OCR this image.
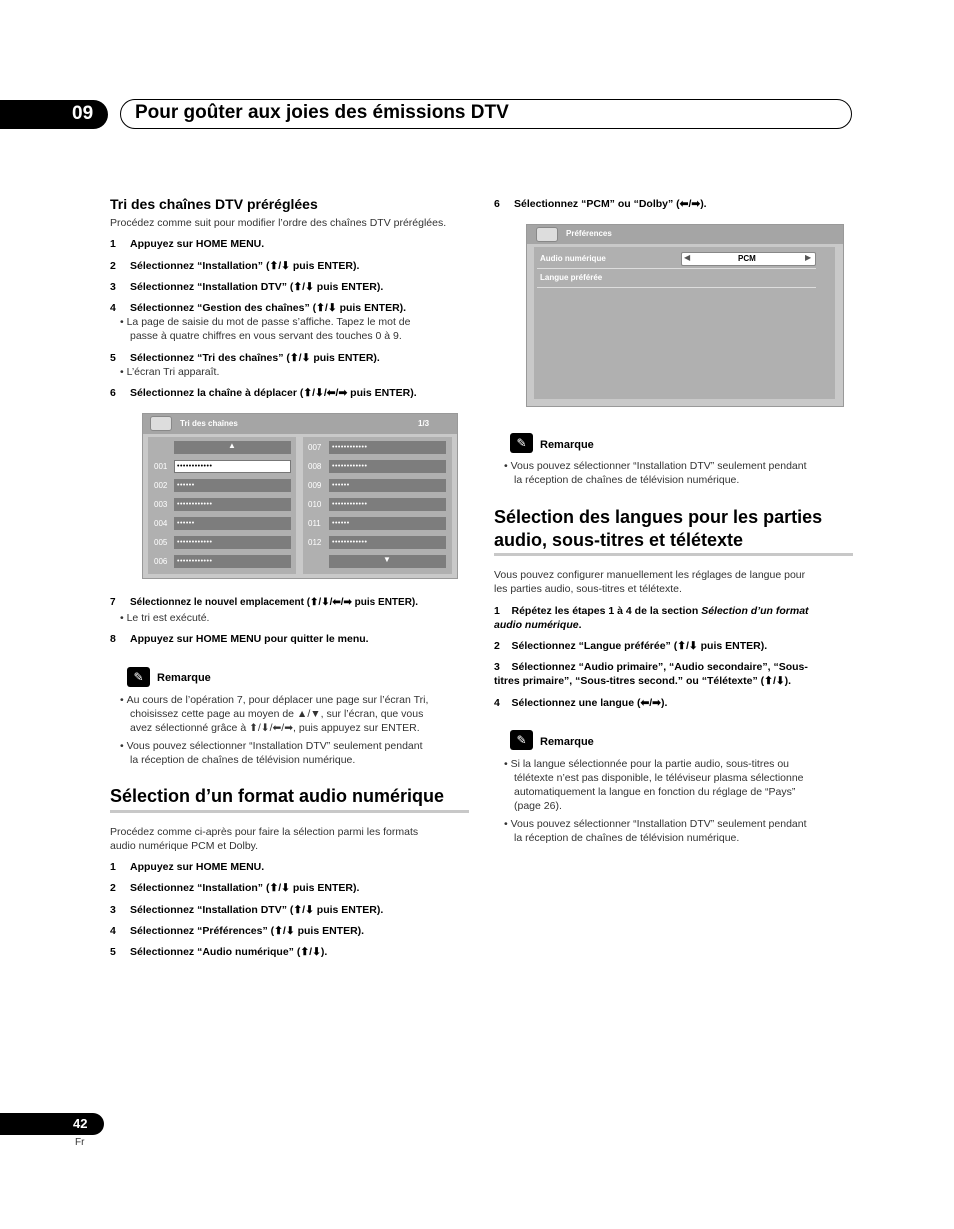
09 Pour goûter aux joies des émissions DTV
Tri des chaînes DTV préréglées
Procédez comme suit pour modifier l’ordre des chaînes DTV préréglées.
1 Appuyez sur HOME MENU.
2 Sélectionnez “Installation” (⬆/⬇ puis ENTER).
3 Sélectionnez “Installation DTV” (⬆/⬇ puis ENTER).
4 Sélectionnez “Gestion des chaînes” (⬆/⬇ puis ENTER).
• La page de saisie du mot de passe s’affiche. Tapez le mot de
passe à quatre chiffres en vous servant des touches 0 à 9.
5 Sélectionnez “Tri des chaînes” (⬆/⬇ puis ENTER).
• L’écran Tri apparaît.
6 Sélectionnez la chaîne à déplacer (⬆/⬇/⬅/➡ puis ENTER).
Tri des chaînes	1/3
▲
001 ••••••••••••
002 ••••••
003 ••••••••••••
004 ••••••
005 ••••••••••••
006 ••••••••••••
007 ••••••••••••
008 ••••••••••••
009 ••••••
010 ••••••••••••
011 ••••••
012 ••••••••••••
▼
7 Sélectionnez le nouvel emplacement (⬆/⬇/⬅/➡ puis ENTER).
• Le tri est exécuté.
8 Appuyez sur HOME MENU pour quitter le menu.
✎	Remarque
• Au cours de l’opération 7, pour déplacer une page sur l’écran Tri,
choisissez cette page au moyen de ▲/▼, sur l’écran, que vous
avez sélectionné grâce à ⬆/⬇/⬅/➡, puis appuyez sur ENTER.
• Vous pouvez sélectionner “Installation DTV” seulement pendant
la réception de chaînes de télévision numérique.
Sélection d’un format audio numérique
Procédez comme ci-après pour faire la sélection parmi les formats
audio numérique PCM et Dolby.
1 Appuyez sur HOME MENU.
2 Sélectionnez “Installation” (⬆/⬇ puis ENTER).
3 Sélectionnez “Installation DTV” (⬆/⬇ puis ENTER).
4 Sélectionnez “Préférences” (⬆/⬇ puis ENTER).
5 Sélectionnez “Audio numérique” (⬆/⬇).
6 Sélectionnez “PCM” ou “Dolby” (⬅/➡).
Préférences
Audio numérique	◀	PCM	▶
Langue préférée
✎	Remarque
• Vous pouvez sélectionner “Installation DTV” seulement pendant
la réception de chaînes de télévision numérique.
Sélection des langues pour les parties
audio, sous-titres et télétexte
Vous pouvez configurer manuellement les réglages de langue pour
les parties audio, sous-titres et télétexte.
1    Répétez les étapes 1 à 4 de la section Sélection d’un format
audio numérique.
2    Sélectionnez “Langue préférée” (⬆/⬇ puis ENTER).
3    Sélectionnez “Audio primaire”, “Audio secondaire”, “Sous-
titres primaire”, “Sous-titres second.” ou “Télétexte” (⬆/⬇).
4    Sélectionnez une langue (⬅/➡).
✎	Remarque
• Si la langue sélectionnée pour la partie audio, sous-titres ou
télétexte n’est pas disponible, le téléviseur plasma sélectionne
automatiquement la langue en fonction du réglage de “Pays”
(page 26).
• Vous pouvez sélectionner “Installation DTV” seulement pendant
la réception de chaînes de télévision numérique.
42
Fr
